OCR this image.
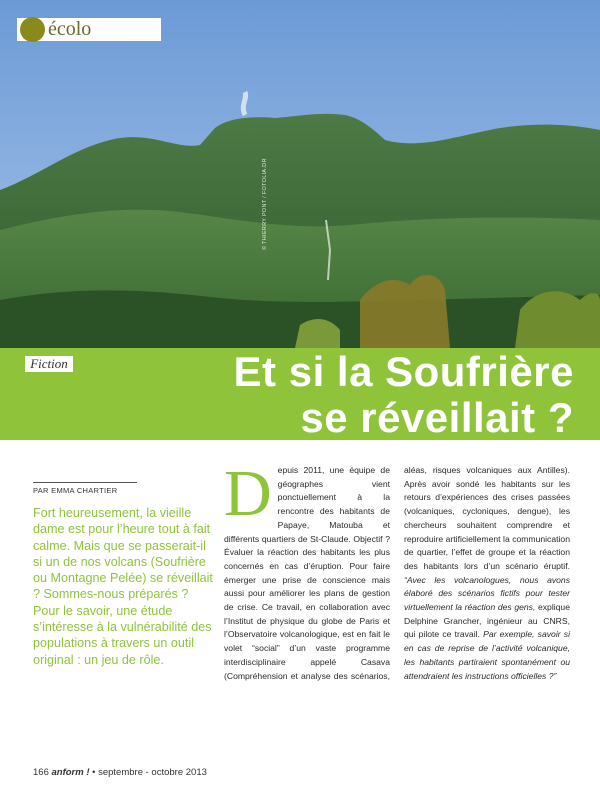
écolo
© THIERRY PONT / FOTOLIA.DR
Fiction	Et si la Soufrière
se réveillait ?
PAR EMMA CHARTIER
Fort heureusement, la vieille dame est pour l’heure tout à fait calme. Mais que se passerait-il si un de nos volcans (Soufrière ou Montagne Pelée) se réveillait ? Sommes-nous préparés ? Pour le savoir, une étude s’intéresse à la vulnérabilité des populations à travers un outil original : un jeu de rôle.

Depuis 2011, une équipe de géographes vient ponctuellement à la rencontre des habitants de Papaye, Matouba et différents quartiers de St-Claude. Objectif ? Évaluer la réaction des habitants les plus concernés en cas d’éruption. Pour faire émerger une prise de conscience mais aussi pour améliorer les plans de gestion de crise. Ce travail, en collaboration avec l’Institut de physique du globe de Paris et l’Observatoire volcanologique, est en fait le volet “social” d’un vaste programme interdisciplinaire appelé Casava (Compréhension et analyse des scénarios, aléas, risques volcaniques aux Antilles). Après avoir sondé les habitants sur les retours d’expériences des crises passées (volcaniques, cycloniques, dengue), les chercheurs souhaitent comprendre et reproduire artificiellement la communication de quartier, l’effet de groupe et la réaction des habitants lors d’un scénario éruptif. “Avec les volcanologues, nous avons élaboré des scénarios fictifs pour tester virtuellement la réaction des gens, explique Delphine Grancher, ingénieur au CNRS, qui pilote ce travail. Par exemple, savoir si en cas de reprise de l’activité volcanique, les habitants partiraient spontanément ou attendraient les instructions officielles ?”

166 anform ! • septembre - octobre 2013
